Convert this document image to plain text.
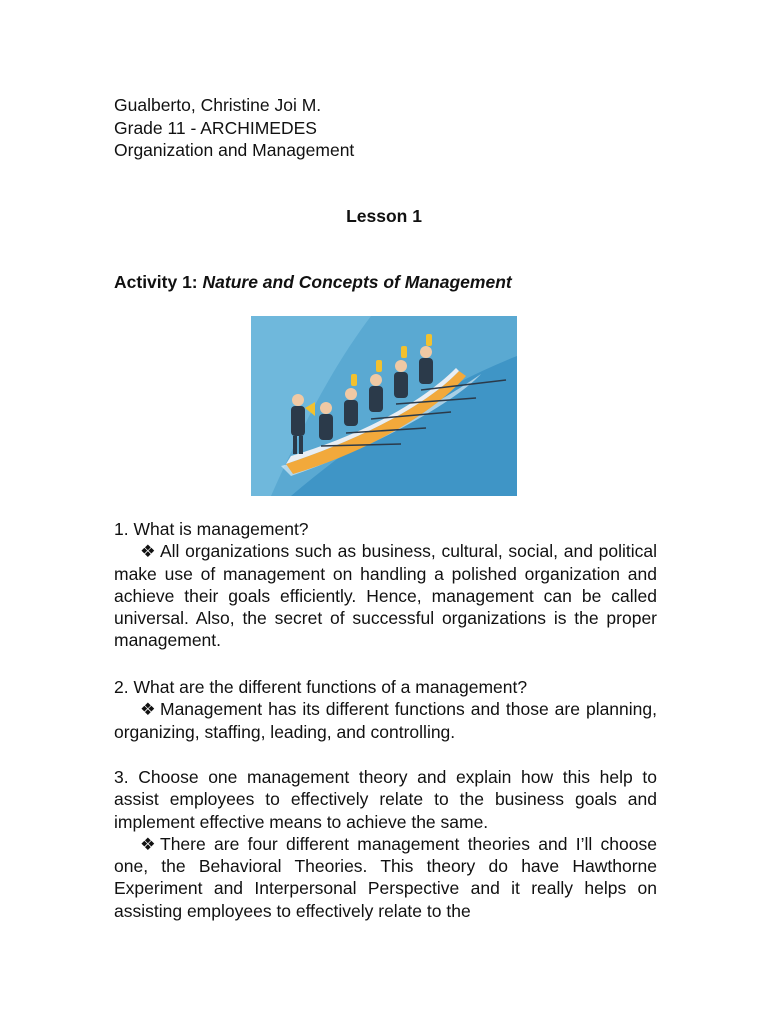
Gualberto, Christine Joi M.
Grade 11 - ARCHIMEDES
Organization and Management
Lesson 1
Activity 1: Nature and Concepts of Management
1. What is management?
❖ All organizations such as business, cultural, social, and political make use of management on handling a polished organization and achieve their goals efficiently. Hence, management can be called universal. Also, the secret of successful organizations is the proper management.
2. What are the different functions of a management?
❖ Management has its different functions and those are planning, organizing, staffing, leading, and controlling.
3. Choose one management theory and explain how this help to assist employees to effectively relate to the business goals and implement effective means to achieve the same.
❖ There are four different management theories and I’ll choose one, the Behavioral Theories. This theory do have Hawthorne Experiment and Interpersonal Perspective and it really helps on assisting employees to effectively relate to the
